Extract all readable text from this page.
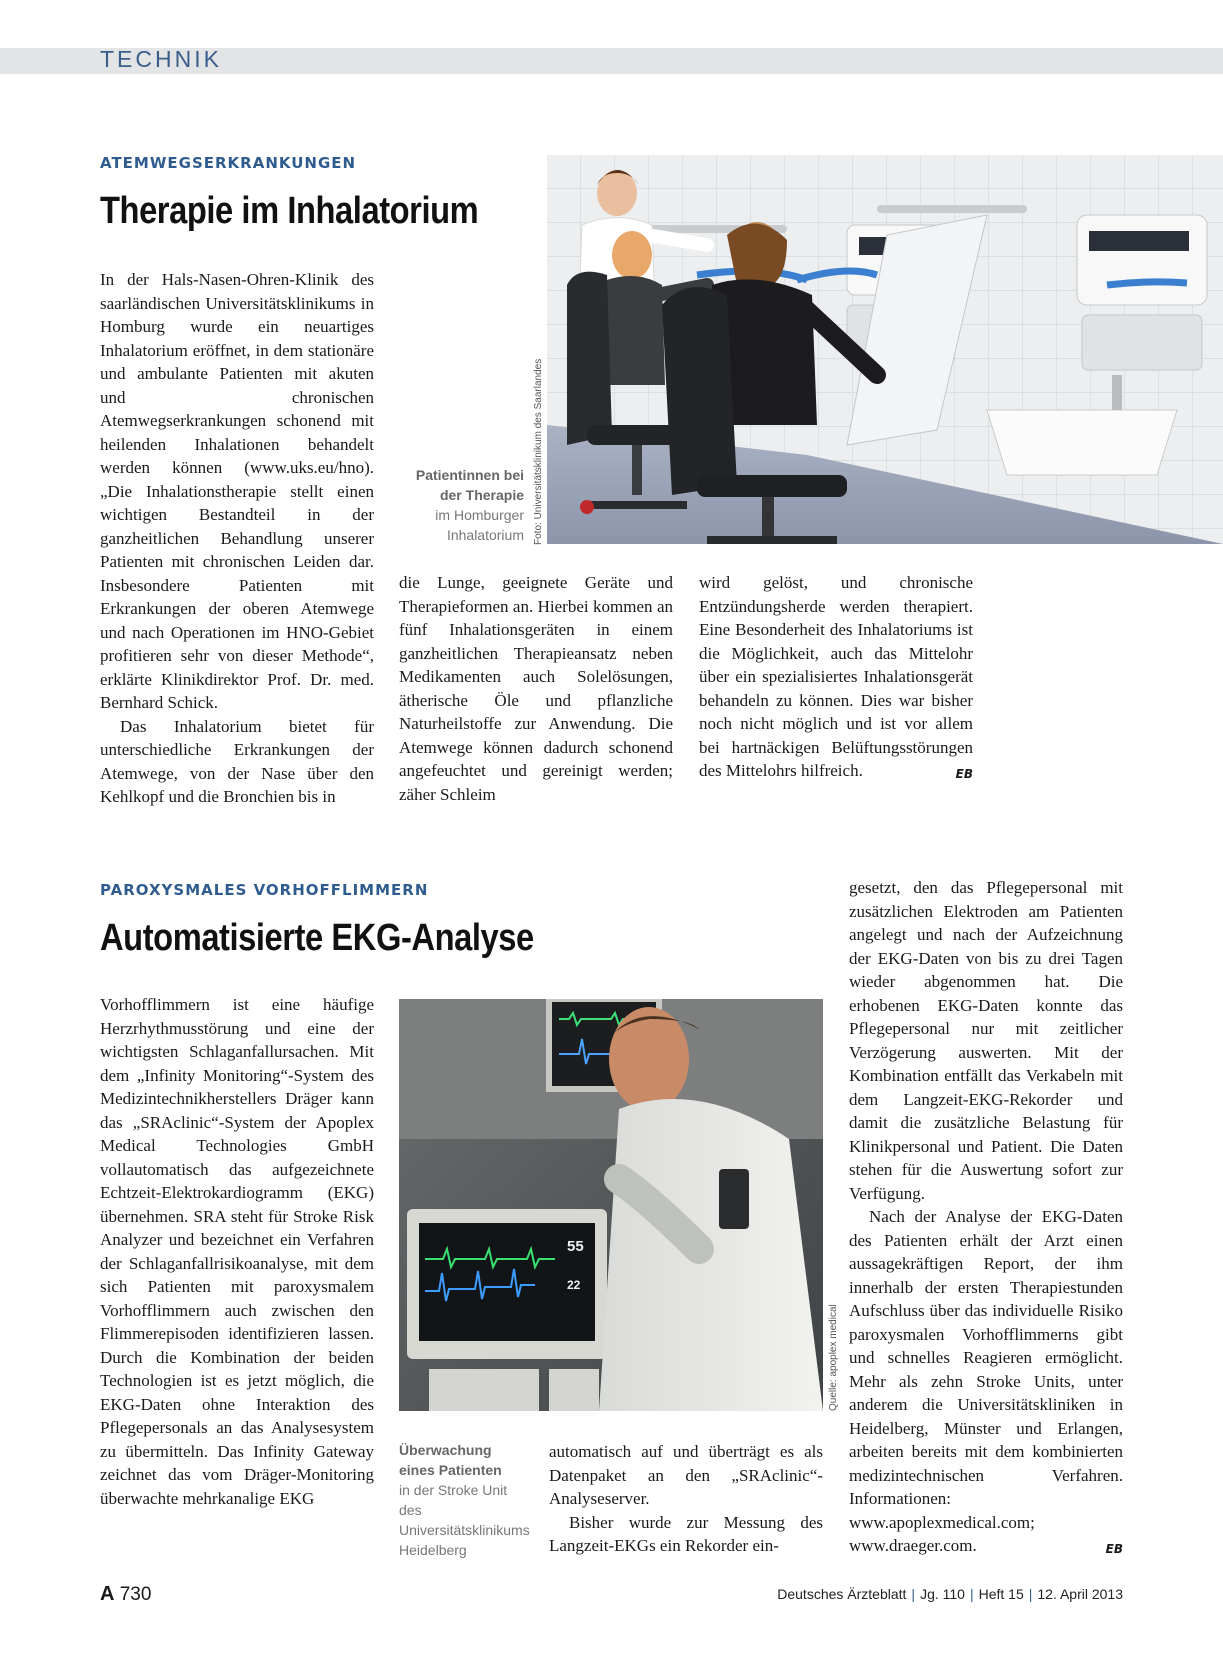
TECHNIK
ATEMWEGSERKRANKUNGEN
Therapie im Inhalatorium
Foto: Universitätsklinikum des Saarlandes
Patientinnen bei der Therapie
im Homburger Inhalatorium

In der Hals-Nasen-Ohren-Klinik des saarländischen Universitätsklinikums in Homburg wurde ein neuartiges Inhalatorium eröffnet, in dem stationäre und ambulante Patienten mit akuten und chronischen Atemwegserkrankungen schonend mit heilenden Inhalationen behandelt werden können (www.uks.eu/hno). „Die Inhalationstherapie stellt einen wichtigen Bestandteil in der ganzheitlichen Behandlung unserer Patienten mit chronischen Leiden dar. Insbesondere Patienten mit Erkrankungen der oberen Atemwege und nach Operationen im HNO-Gebiet profitieren sehr von dieser Methode“, erklärte Klinikdirektor Prof. Dr. med. Bernhard Schick.

Das Inhalatorium bietet für unterschiedliche Erkrankungen der Atemwege, von der Nase über den Kehlkopf und die Bronchien bis in

die Lunge, geeignete Geräte und Therapieformen an. Hierbei kommen an fünf Inhalationsgeräten in einem ganzheitlichen Therapieansatz neben Medikamenten auch Solelösungen, ätherische Öle und pflanzliche Naturheilstoffe zur Anwendung. Die Atemwege können dadurch schonend angefeuchtet und gereinigt werden; zäher Schleim

wird gelöst, und chronische Entzündungsherde werden therapiert. Eine Besonderheit des Inhalatoriums ist die Möglichkeit, auch das Mittelohr über ein spezialisiertes Inhalationsgerät behandeln zu können. Dies war bisher noch nicht möglich und ist vor allem bei hartnäckigen Belüftungsstörungen des Mittelohrs hilfreich.	EB

PAROXYSMALES VORHOFFLIMMERN
Automatisierte EKG-Analyse
55
22
Quelle: apoplex medical
Überwachung eines Patienten
in der Stroke Unit des Universitätsklinikums Heidelberg

Vorhofflimmern ist eine häufige Herzrhythmusstörung und eine der wichtigsten Schlaganfallursachen. Mit dem „Infinity Monitoring“-System des Medizintechnikherstellers Dräger kann das „SRAclinic“-System der Apoplex Medical Technologies GmbH vollautomatisch das aufgezeichnete Echtzeit-Elektrokardiogramm (EKG) übernehmen. SRA steht für Stroke Risk Analyzer und bezeichnet ein Verfahren der Schlaganfallrisikoanalyse, mit dem sich Patienten mit paroxysmalem Vorhofflimmern auch zwischen den Flimmerepisoden identifizieren lassen. Durch die Kombination der beiden Technologien ist es jetzt möglich, die EKG-Daten ohne Interaktion des Pflegepersonals an das Analysesystem zu übermitteln. Das Infinity Gateway zeichnet das vom Dräger-Monitoring überwachte mehrkanalige EKG

automatisch auf und überträgt es als Datenpaket an den „SRAclinic“-Analyseserver.

Bisher wurde zur Messung des Langzeit-EKGs ein Rekorder ein-

gesetzt, den das Pflegepersonal mit zusätzlichen Elektroden am Patienten angelegt und nach der Aufzeichnung der EKG-Daten von bis zu drei Tagen wieder abgenommen hat. Die erhobenen EKG-Daten konnte das Pflegepersonal nur mit zeitlicher Verzögerung auswerten. Mit der Kombination entfällt das Verkabeln mit dem Langzeit-EKG-Rekorder und damit die zusätzliche Belastung für Klinikpersonal und Patient. Die Daten stehen für die Auswertung sofort zur Verfügung.

Nach der Analyse der EKG-Daten des Patienten erhält der Arzt einen aussagekräftigen Report, der ihm innerhalb der ersten Therapiestunden Aufschluss über das individuelle Risiko paroxysmalen Vorhofflimmerns gibt und schnelles Reagieren ermöglicht. Mehr als zehn Stroke Units, unter anderem die Universitätskliniken in Heidelberg, Münster und Erlangen, arbeiten bereits mit dem kombinierten medizintechnischen Verfahren. Informationen: www.apoplexmedical.com; www.draeger.com.	EB

A 730	Deutsches Ärzteblatt | Jg. 110 | Heft 15 | 12. April 2013
